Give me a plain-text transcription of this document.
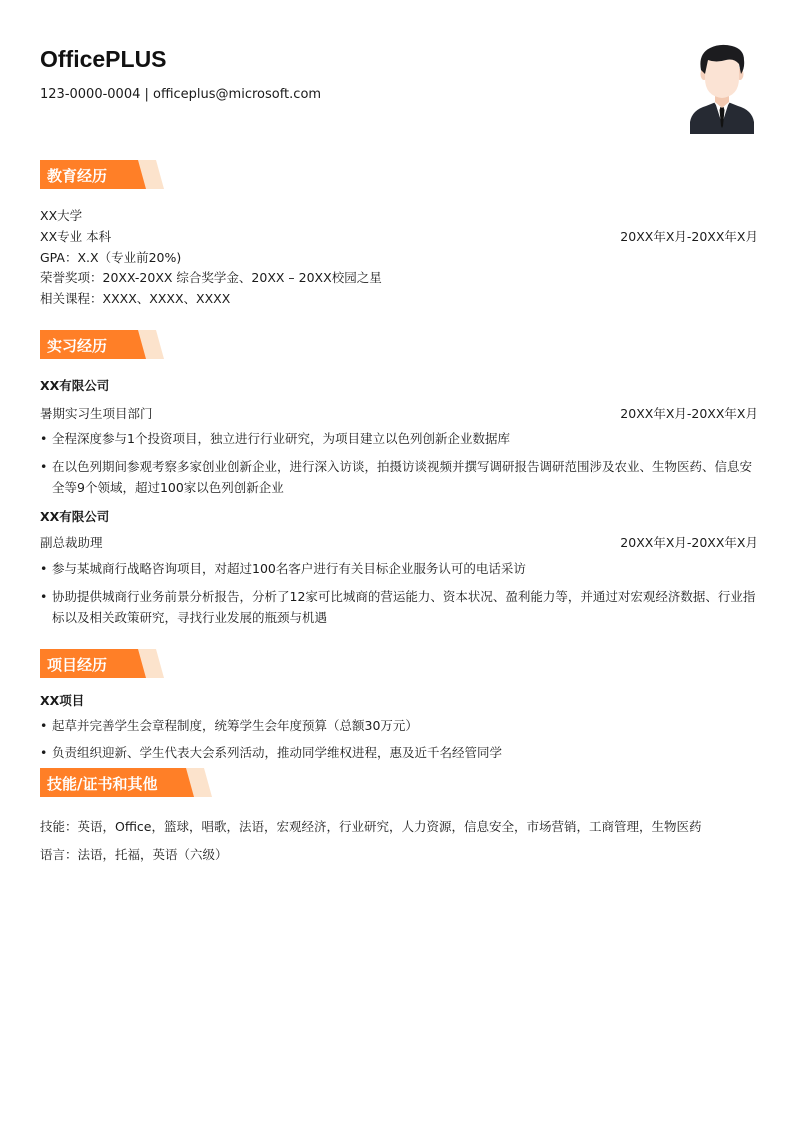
OfficePLUS
123-0000-0004 | officeplus@microsoft.com
教育经历
XX大学
XX专业 本科	20XX年X月-20XX年X月
GPA：X.X（专业前20%)
荣誉奖项：20XX-20XX 综合奖学金、20XX – 20XX校园之星
相关课程：XXXX、XXXX、XXXX
实习经历
XX有限公司
暑期实习生项目部门	20XX年X月-20XX年X月
• 全程深度参与1个投资项目，独立进行行业研究，为项目建立以色列创新企业数据库
• 在以色列期间参观考察多家创业创新企业，进行深入访谈，拍摄访谈视频并撰写调研报告调研范围涉及农业、生物医药、信息安全等9个领域，超过100家以色列创新企业
XX有限公司
副总裁助理	20XX年X月-20XX年X月
• 参与某城商行战略咨询项目，对超过100名客户进行有关目标企业服务认可的电话采访
• 协助提供城商行业务前景分析报告，分析了12家可比城商的营运能力、资本状况、盈利能力等，并通过对宏观经济数据、行业指标以及相关政策研究，寻找行业发展的瓶颈与机遇
项目经历
XX项目
• 起草并完善学生会章程制度，统筹学生会年度预算（总额30万元）
• 负责组织迎新、学生代表大会系列活动，推动同学维权进程，惠及近千名经管同学
技能/证书和其他
技能：英语，Office，篮球，唱歌，法语，宏观经济，行业研究，人力资源，信息安全，市场营销，工商管理，生物医药
语言：法语，托福，英语（六级）
